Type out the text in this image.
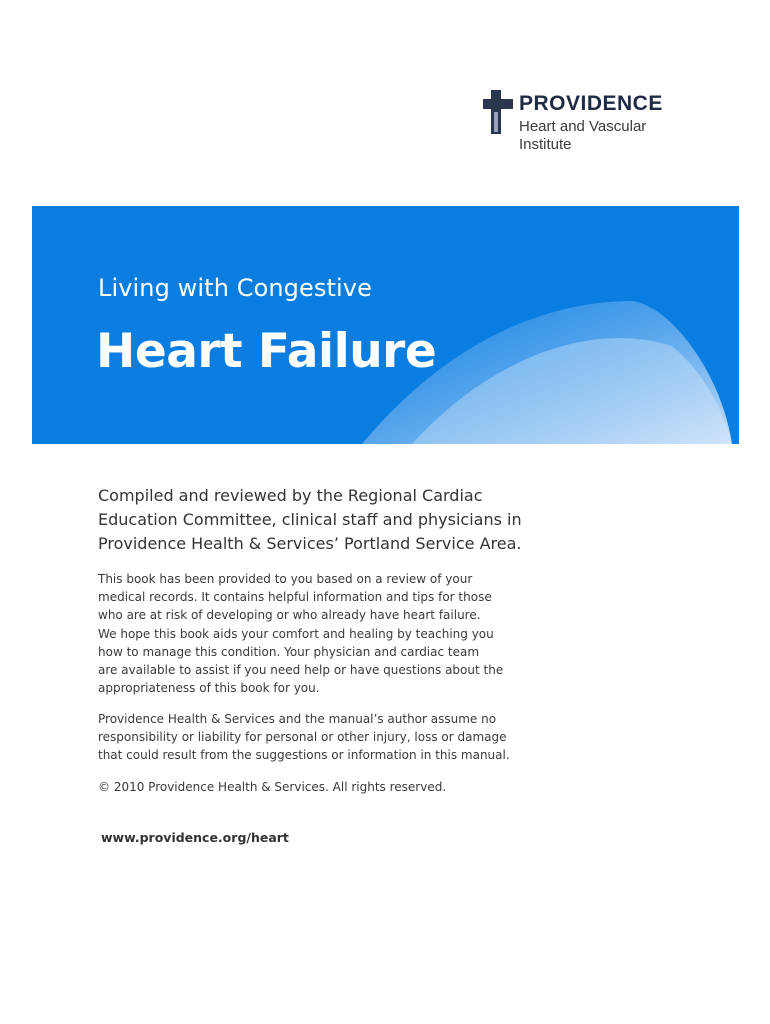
PROVIDENCE
Heart and Vascular
Institute
Living with Congestive
Heart Failure
Compiled and reviewed by the Regional Cardiac
Education Committee, clinical staff and physicians in
Providence Health & Services’ Portland Service Area.
This book has been provided to you based on a review of your
medical records. It contains helpful information and tips for those
who are at risk of developing or who already have heart failure.
We hope this book aids your comfort and healing by teaching you
how to manage this condition. Your physician and cardiac team
are available to assist if you need help or have questions about the
appropriateness of this book for you.
Providence Health & Services and the manual’s author assume no
responsibility or liability for personal or other injury, loss or damage
that could result from the suggestions or information in this manual.
© 2010 Providence Health & Services. All rights reserved.
www.providence.org/heart
